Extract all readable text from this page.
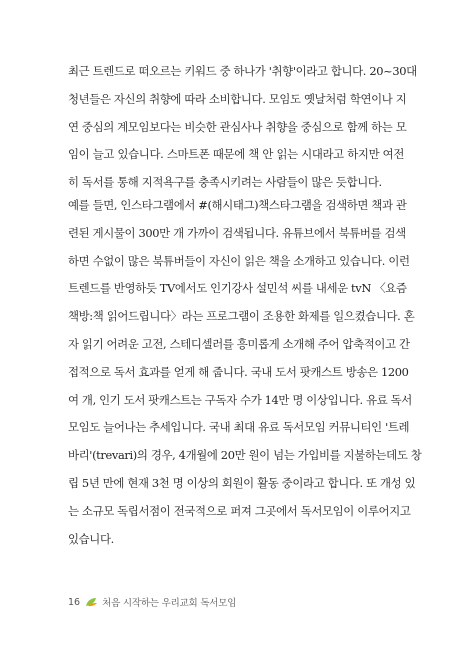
최근 트렌드로 떠오르는 키워드 중 하나가 '취향'이라고 합니다. 20~30대
청년들은 자신의 취향에 따라 소비합니다. 모임도 옛날처럼 학연이나 지
연 중심의 계모임보다는 비슷한 관심사나 취향을 중심으로 함께 하는 모
임이 늘고 있습니다. 스마트폰 때문에 책 안 읽는 시대라고 하지만 여전
히 독서를 통해 지적욕구를 충족시키려는 사람들이 많은 듯합니다.
예를 들면, 인스타그램에서 #(해시태그)책스타그램을 검색하면 책과 관
련된 게시물이 300만 개 가까이 검색됩니다. 유튜브에서 북튜버를 검색
하면 수없이 많은 북튜버들이 자신이 읽은 책을 소개하고 있습니다. 이런
트렌드를 반영하듯 TV에서도 인기강사 설민석 씨를 내세운 tvN 〈요즘
책방:책 읽어드립니다〉라는 프로그램이 조용한 화제를 일으켰습니다. 혼
자 읽기 어려운 고전, 스테디셀러를 흥미롭게 소개해 주어 압축적이고 간
접적으로 독서 효과를 얻게 해 줍니다. 국내 도서 팟캐스트 방송은 1200
여 개, 인기 도서 팟캐스트는 구독자 수가 14만 명 이상입니다. 유료 독서
모임도 늘어나는 추세입니다. 국내 최대 유료 독서모임 커뮤니티인 '트레
바리'(trevari)의 경우, 4개월에 20만 원이 넘는 가입비를 지불하는데도 창
립 5년 만에 현재 3천 명 이상의 회원이 활동 중이라고 합니다. 또 개성 있
는 소규모 독립서점이 전국적으로 퍼져 그곳에서 독서모임이 이루어지고
있습니다.
16 처음 시작하는 우리교회 독서모임
